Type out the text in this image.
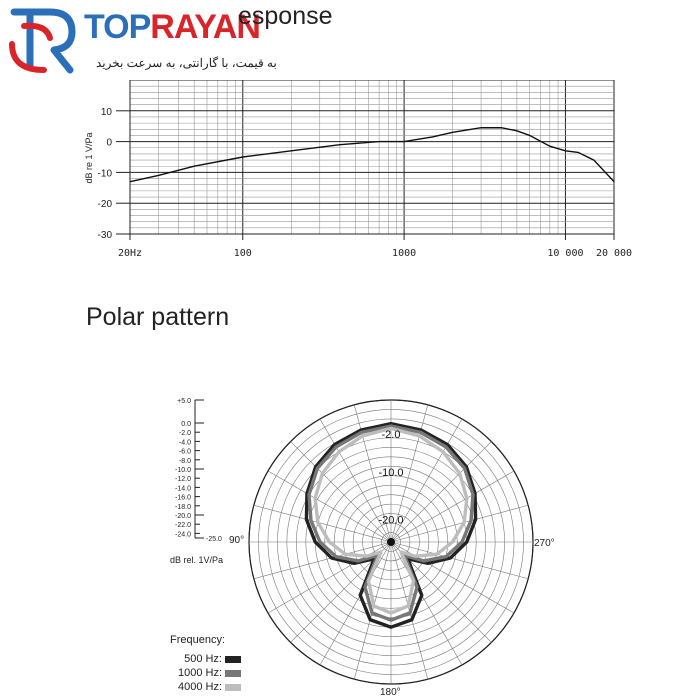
TOPRAYAN
به قیمت، با گارانتی، به سرعت بخرید
esponse
10
0
-10
-20
-30
20Hz	100	1000	10 000 20 000
dB re 1 V/Pa
Polar pattern
+5.0
0.0
-2.0
-4.0
-6.0
-8.0
-10.0
-12.0
-14.0
-16.0
-18.0
-20.0
-22.0
-24.0
-25.0
-2.0
-10.0
-20.0
90°	270°
180°
dB rel. 1V/Pa
Frequency:
500 Hz:
1000 Hz:
4000 Hz:
